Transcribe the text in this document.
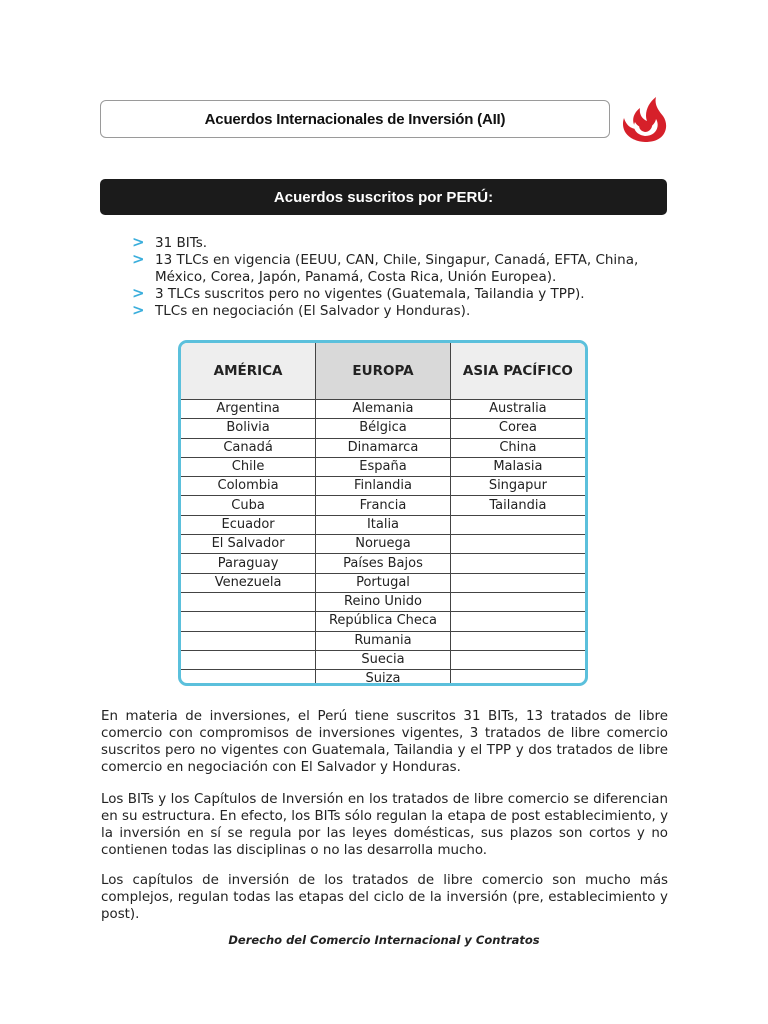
Acuerdos Internacionales de Inversión (AII)
Acuerdos suscritos por PERÚ:
> 31 BITs.
> 13 TLCs en vigencia (EEUU, CAN, Chile, Singapur, Canadá, EFTA, China, México, Corea, Japón, Panamá, Costa Rica, Unión Europea).
> 3 TLCs suscritos pero no vigentes (Guatemala, Tailandia y TPP).
> TLCs en negociación (El Salvador y Honduras).
AMÉRICA	EUROPA	ASIA PACÍFICO
Argentina	Alemania	Australia
Bolivia	Bélgica	Corea
Canadá	Dinamarca	China
Chile	España	Malasia
Colombia	Finlandia	Singapur
Cuba	Francia	Tailandia
Ecuador	Italia	
El Salvador	Noruega	
Paraguay	Países Bajos	
Venezuela	Portugal	
	Reino Unido	
	República Checa	
	Rumania	
	Suecia	
	Suiza	

En materia de inversiones, el Perú tiene suscritos 31 BITs, 13 tratados de libre comercio con compromisos de inversiones vigentes, 3 tratados de libre comercio suscritos pero no vigentes con Guatemala, Tailandia y el TPP y dos tratados de libre comercio en negociación con El Salvador y Honduras.

Los BITs y los Capítulos de Inversión en los tratados de libre comercio se diferencian en su estructura. En efecto, los BITs sólo regulan la etapa de post establecimiento, y la inversión en sí se regula por las leyes domésticas, sus plazos son cortos y no contienen todas las disciplinas o no las desarrolla mucho.

Los capítulos de inversión de los tratados de libre comercio son mucho más complejos, regulan todas las etapas del ciclo de la inversión (pre, establecimiento y post).

Derecho del Comercio Internacional y Contratos
